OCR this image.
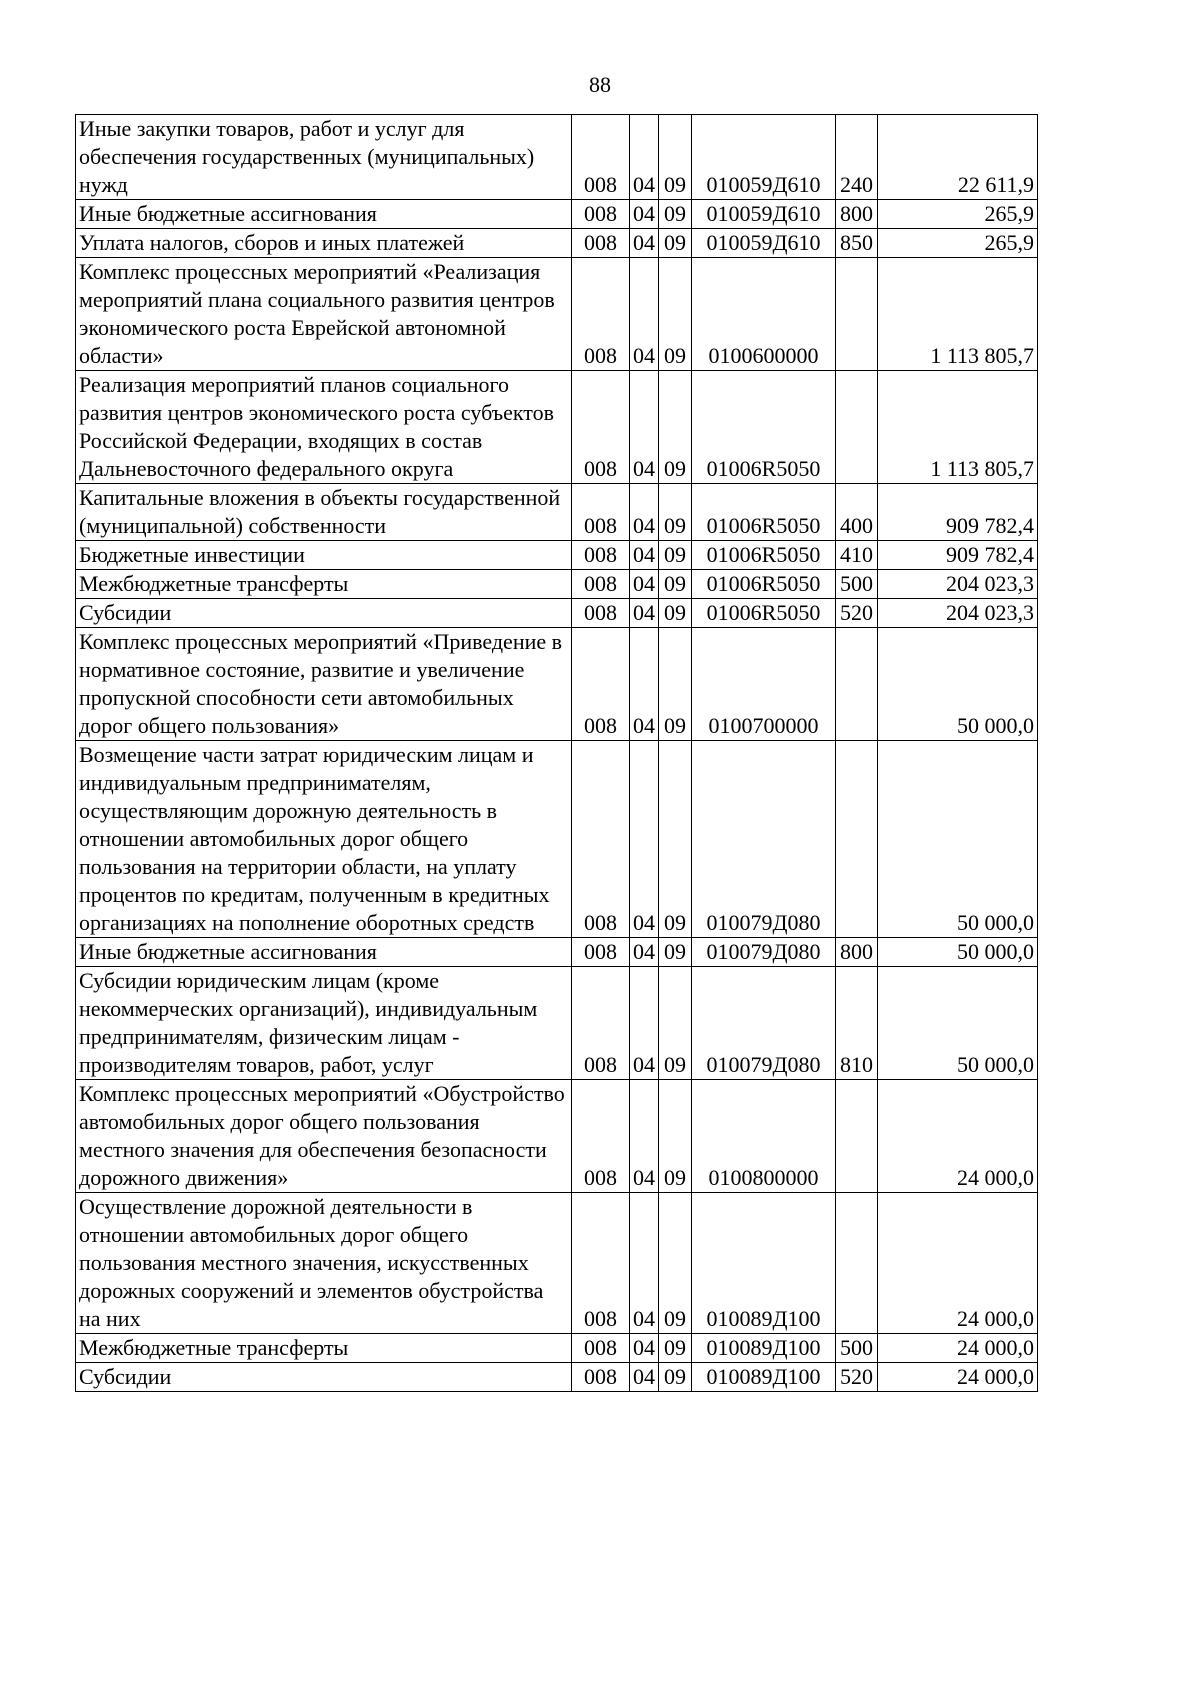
88
Иные закупки товаров, работ и услуг для обеспечения государственных (муниципальных) нужд	008	04	09	010059Д610	240	22 611,9
Иные бюджетные ассигнования	008	04	09	010059Д610	800	265,9
Уплата налогов, сборов и иных платежей	008	04	09	010059Д610	850	265,9
Комплекс процессных мероприятий «Реализация мероприятий плана социального развития центров экономического роста Еврейской автономной области»	008	04	09	0100600000		1 113 805,7
Реализация мероприятий планов социального развития центров экономического роста субъектов Российской Федерации, входящих в состав Дальневосточного федерального округа	008	04	09	01006R5050		1 113 805,7
Капитальные вложения в объекты государственной (муниципальной) собственности	008	04	09	01006R5050	400	909 782,4
Бюджетные инвестиции	008	04	09	01006R5050	410	909 782,4
Межбюджетные трансферты	008	04	09	01006R5050	500	204 023,3
Субсидии	008	04	09	01006R5050	520	204 023,3
Комплекс процессных мероприятий «Приведение в нормативное состояние, развитие и увеличение пропускной способности сети автомобильных дорог общего пользования»	008	04	09	0100700000		50 000,0
Возмещение части затрат юридическим лицам и индивидуальным предпринимателям, осуществляющим дорожную деятельность в отношении автомобильных дорог общего пользования на территории области, на уплату процентов по кредитам, полученным в кредитных организациях на пополнение оборотных средств	008	04	09	010079Д080		50 000,0
Иные бюджетные ассигнования	008	04	09	010079Д080	800	50 000,0
Субсидии юридическим лицам (кроме некоммерческих организаций), индивидуальным предпринимателям, физическим лицам - производителям товаров, работ, услуг	008	04	09	010079Д080	810	50 000,0
Комплекс процессных мероприятий «Обустройство автомобильных дорог общего пользования местного значения для обеспечения безопасности дорожного движения»	008	04	09	0100800000		24 000,0
Осуществление дорожной деятельности в отношении автомобильных дорог общего пользования местного значения, искусственных дорожных сооружений и элементов обустройства на них	008	04	09	010089Д100		24 000,0
Межбюджетные трансферты	008	04	09	010089Д100	500	24 000,0
Субсидии	008	04	09	010089Д100	520	24 000,0
